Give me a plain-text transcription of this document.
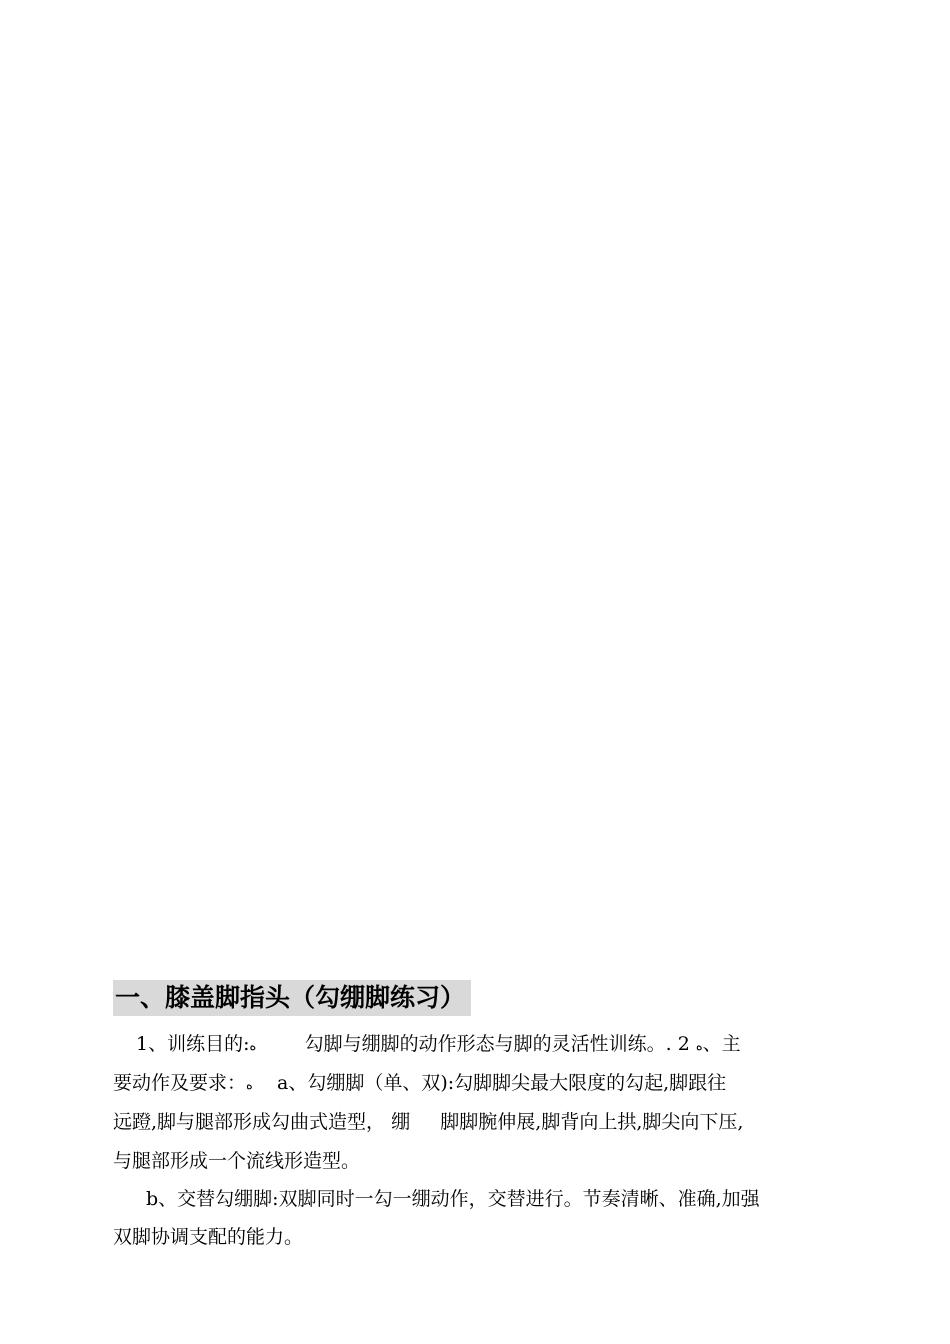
一、膝盖脚指头（勾绷脚练习）
1、训练目的:ه        勾脚与绷脚的动作形态与脚的灵活性训练。. 2 ه、主
要动作及要求：ه    a、勾绷脚（单、双):勾脚脚尖最大限度的勾起,脚跟往
远蹬,脚与腿部形成勾曲式造型， 绷     脚脚腕伸展,脚背向上拱,脚尖向下压,
与腿部形成一个流线形造型。
b、交替勾绷脚:双脚同时一勾一绷动作，交替进行。节奏清晰、准确,加强
双脚协调支配的能力。
